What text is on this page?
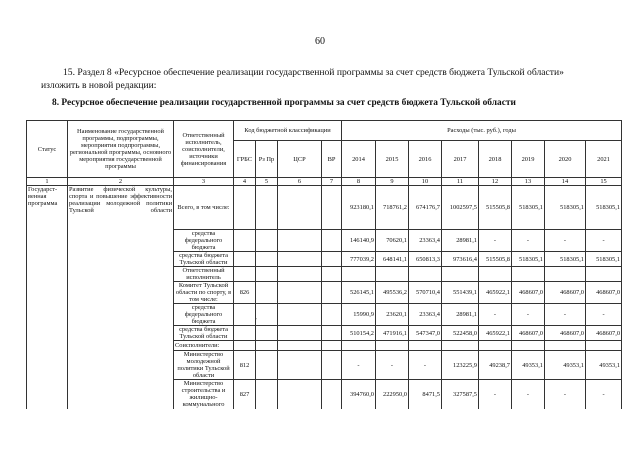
60
15. Раздел 8 «Ресурсное обеспечение реализации государственной программы за счет средств бюджета Тульской области» изложить в новой редакции:
8. Ресурсное обеспечение реализации государственной программы за счет средств бюджета Тульской области
Статус	Наименование государственной программы, подпрограммы, мероприятия подпрограммы, региональной программы, основного мероприятия государственной программы	Ответственный исполнитель, соисполнители, источники финансирования	Код бюджетной классификации				Расходы (тыс. руб.), годы							
			ГРБС	Рз Пр	ЦСР	ВР	2014	2015	2016	2017	2018	2019	2020	2021
1	2	3	4	5	6	7	8	9	10	11	12	13	14	15
Государст-венная программа	Развитие физической культуры, спорта и повышение эффективности реализации молодежной политики Тульской области	Всего, в том числе:					923180,1	718761,2	674176,7	1002597,5	515505,8	518305,1	518305,1	518305,1
		средства федерального бюджета					146140,9	70620,1	23363,4	28981,1	-	-	-	-
		средства бюджета Тульской области					777039,2	648141,1	650813,3	973616,4	515505,8	518305,1	518305,1	518305,1
		Ответственный исполнитель												
		Комитет Тульской области по спорту, в том числе:	826				526145,1	495536,2	570710,4	551439,1	465922,1	468607,0	468607,0	468607,0
		средства федерального бюджета					15990,9	23620,1	23363,4	28981,1	-	-	-	-
		средства бюджета Тульской области					510154,2	471916,1	547347,0	522458,0	465922,1	468607,0	468607,0	468607,0
		Соисполнители:												
		Министерство молодежной политики Тульской области	812				-	-	-	123225,9	49238,7	49353,1	49353,1	49353,1
		Министерство строительства и жилищно-коммунального	827				394760,0	222950,0	8471,5	327587,5	-	-	-	-
'
